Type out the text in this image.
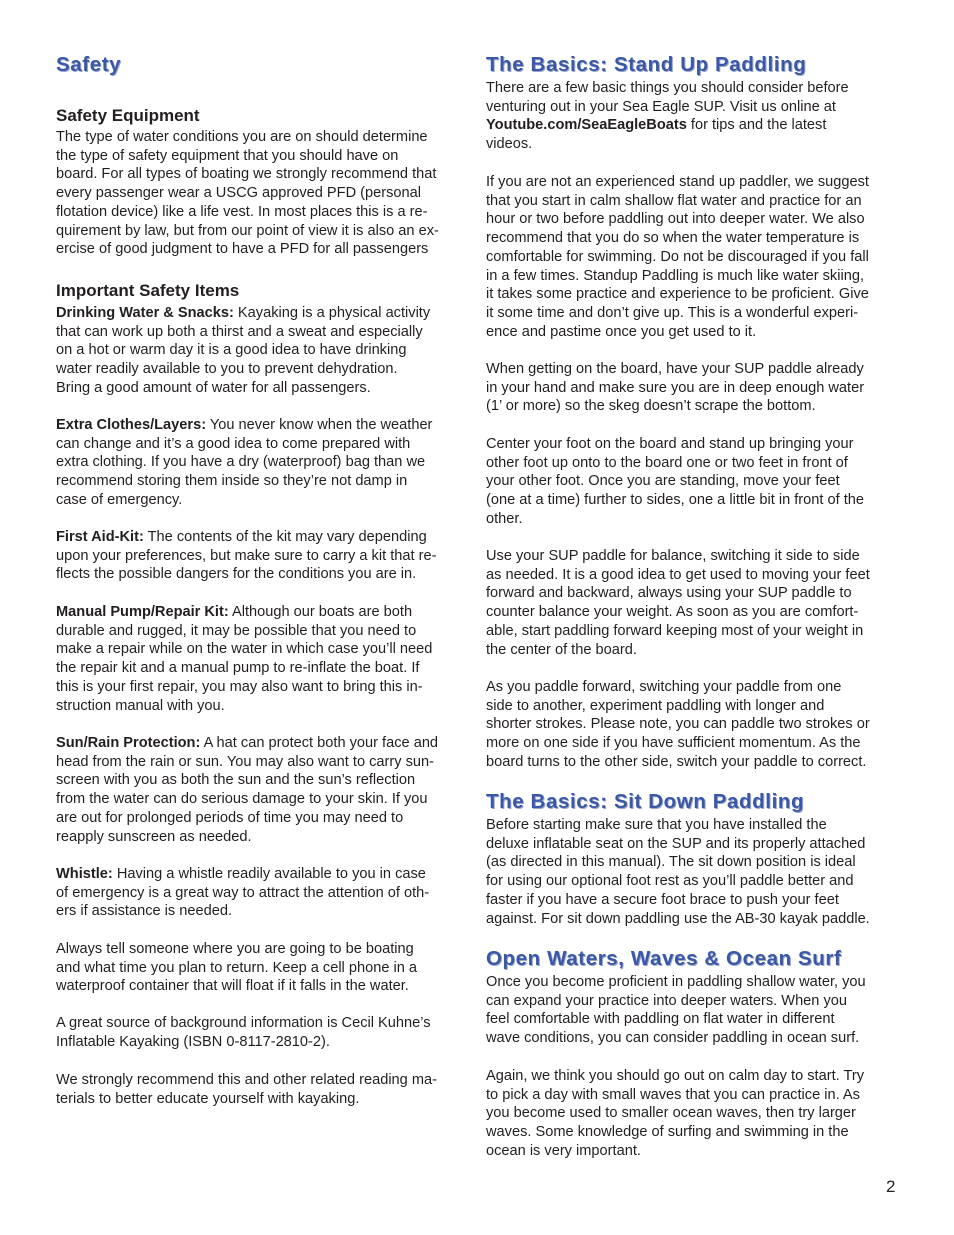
Safety
Safety Equipment
The type of water conditions you are on should determine
the type of safety equipment that you should have on
board. For all types of boating we strongly recommend that
every passenger wear a USCG approved PFD (personal
flotation device) like a life vest. In most places this is a re-
quirement by law, but from our point of view it is also an ex-
ercise of good judgment to have a PFD for all passengers
Important Safety Items
Drinking Water & Snacks: Kayaking is a physical activity
that can work up both a thirst and a sweat and especially
on a hot or warm day it is a good idea to have drinking
water readily available to you to prevent dehydration.
Bring a good amount of water for all passengers.
Extra Clothes/Layers: You never know when the weather
can change and it’s a good idea to come prepared with
extra clothing. If you have a dry (waterproof) bag than we
recommend storing them inside so they’re not damp in
case of emergency.
First Aid-Kit: The contents of the kit may vary depending
upon your preferences, but make sure to carry a kit that re-
flects the possible dangers for the conditions you are in.
Manual Pump/Repair Kit: Although our boats are both
durable and rugged, it may be possible that you need to
make a repair while on the water in which case you’ll need
the repair kit and a manual pump to re-inflate the boat. If
this is your first repair, you may also want to bring this in-
struction manual with you.
Sun/Rain Protection: A hat can protect both your face and
head from the rain or sun. You may also want to carry sun-
screen with you as both the sun and the sun’s reflection
from the water can do serious damage to your skin. If you
are out for prolonged periods of time you may need to
reapply sunscreen as needed.
Whistle: Having a whistle readily available to you in case
of emergency is a great way to attract the attention of oth-
ers if assistance is needed.
Always tell someone where you are going to be boating
and what time you plan to return. Keep a cell phone in a
waterproof container that will float if it falls in the water.
A great source of background information is Cecil Kuhne’s
Inflatable Kayaking (ISBN 0-8117-2810-2).
We strongly recommend this and other related reading ma-
terials to better educate yourself with kayaking.
The Basics: Stand Up Paddling
There are a few basic things you should consider before
venturing out in your Sea Eagle SUP. Visit us online at
Youtube.com/SeaEagleBoats for tips and the latest
videos.
If you are not an experienced stand up paddler, we suggest
that you start in calm shallow flat water and practice for an
hour or two before paddling out into deeper water. We also
recommend that you do so when the water temperature is
comfortable for swimming. Do not be discouraged if you fall
in a few times. Standup Paddling is much like water skiing,
it takes some practice and experience to be proficient. Give
it some time and don’t give up. This is a wonderful experi-
ence and pastime once you get used to it.
When getting on the board, have your SUP paddle already
in your hand and make sure you are in deep enough water
(1’ or more) so the skeg doesn’t scrape the bottom.
Center your foot on the board and stand up bringing your
other foot up onto to the board one or two feet in front of
your other foot. Once you are standing, move your feet
(one at a time) further to sides, one a little bit in front of the
other.
Use your SUP paddle for balance, switching it side to side
as needed. It is a good idea to get used to moving your feet
forward and backward, always using your SUP paddle to
counter balance your weight. As soon as you are comfort-
able, start paddling forward keeping most of your weight in
the center of the board.
As you paddle forward, switching your paddle from one
side to another, experiment paddling with longer and
shorter strokes. Please note, you can paddle two strokes or
more on one side if you have sufficient momentum. As the
board turns to the other side, switch your paddle to correct.
The Basics: Sit Down Paddling
Before starting make sure that you have installed the
deluxe inflatable seat on the SUP and its properly attached
(as directed in this manual). The sit down position is ideal
for using our optional foot rest as you’ll paddle better and
faster if you have a secure foot brace to push your feet
against. For sit down paddling use the AB-30 kayak paddle.
Open Waters, Waves & Ocean Surf
Once you become proficient in paddling shallow water, you
can expand your practice into deeper waters. When you
feel comfortable with paddling on flat water in different
wave conditions, you can consider paddling in ocean surf.
Again, we think you should go out on calm day to start. Try
to pick a day with small waves that you can practice in. As
you become used to smaller ocean waves, then try larger
waves. Some knowledge of surfing and swimming in the
ocean is very important.
2
